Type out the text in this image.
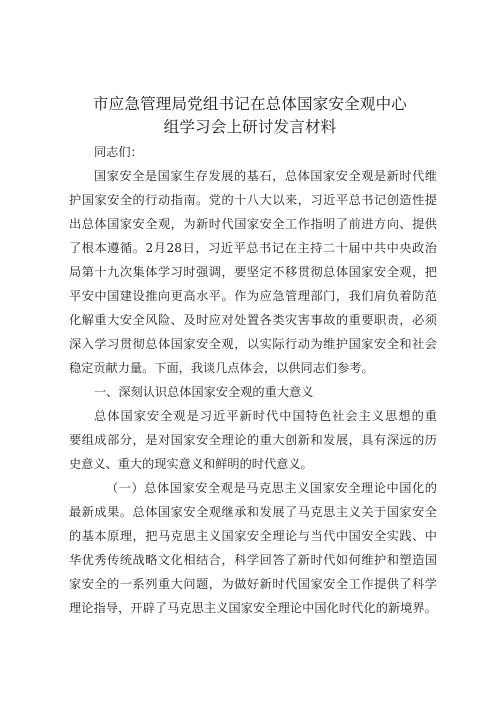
市应急管理局党组书记在总体国家安全观中心
组学习会上研讨发言材料
同志们：
国家安全是国家生存发展的基石，总体国家安全观是新时代维
护国家安全的行动指南。党的十八大以来，习近平总书记创造性提
出总体国家安全观，为新时代国家安全工作指明了前进方向、提供
了根本遵循。2月28日，习近平总书记在主持二十届中共中央政治
局第十九次集体学习时强调，要坚定不移贯彻总体国家安全观，把
平安中国建设推向更高水平。作为应急管理部门，我们肩负着防范
化解重大安全风险、及时应对处置各类灾害事故的重要职责，必须
深入学习贯彻总体国家安全观，以实际行动为维护国家安全和社会
稳定贡献力量。下面，我谈几点体会，以供同志们参考。
一、深刻认识总体国家安全观的重大意义
总体国家安全观是习近平新时代中国特色社会主义思想的重
要组成部分，是对国家安全理论的重大创新和发展，具有深远的历
史意义、重大的现实意义和鲜明的时代意义。
（一）总体国家安全观是马克思主义国家安全理论中国化的
最新成果。总体国家安全观继承和发展了马克思主义关于国家安全
的基本原理，把马克思主义国家安全理论与当代中国安全实践、中
华优秀传统战略文化相结合，科学回答了新时代如何维护和塑造国
家安全的一系列重大问题，为做好新时代国家安全工作提供了科学
理论指导，开辟了马克思主义国家安全理论中国化时代化的新境界。
